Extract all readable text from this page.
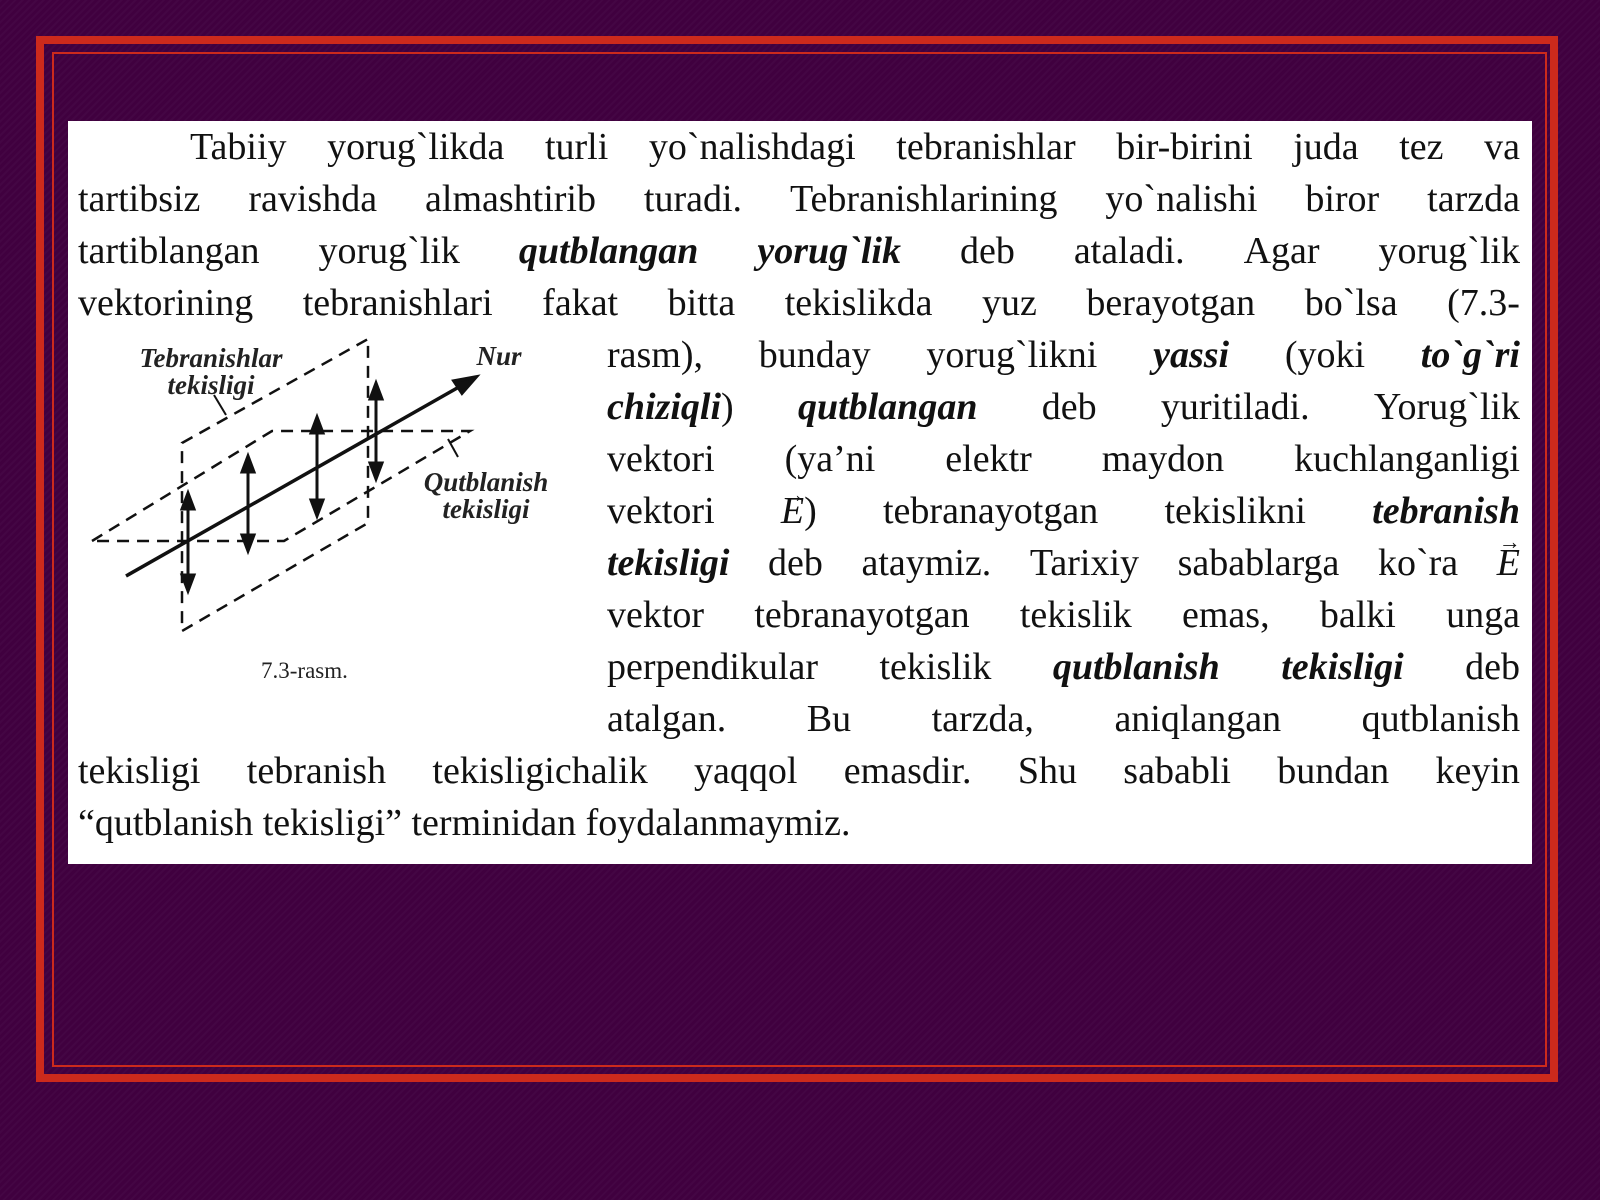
Tabiiy yorug`likda turli yo`nalishdagi tebranishlar bir-birini juda tez va
tartibsiz ravishda almashtirib turadi. Tebranishlarining yo`nalishi biror tarzda
tartiblangan yorug`lik qutblangan yorug`lik deb ataladi. Agar yorug`lik
vektorining tebranishlari fakat bitta tekislikda yuz berayotgan bo`lsa (7.3-
rasm), bunday yorug`likni yassi (yoki to`g`ri
chiziqli) qutblangan deb yuritiladi. Yorug`lik
vektori (ya’ni elektr maydon kuchlanganligi
vektori → E) tebranayotgan tekislikni tebranish
tekisligi deb ataymiz. Tarixiy sabablarga ko`ra → E
vektor tebranayotgan tekislik emas, balki unga
perpendikular tekislik qutblanish tekisligi deb
atalgan. Bu tarzda, aniqlangan qutblanish
tekisligi tebranish tekisligichalik yaqqol emasdir. Shu sababli bundan keyin
“qutblanish tekisligi” terminidan foydalanmaymiz.
Tebranishlar
tekisligi
Nur
Qutblanish
tekisligi
7.3-rasm.
